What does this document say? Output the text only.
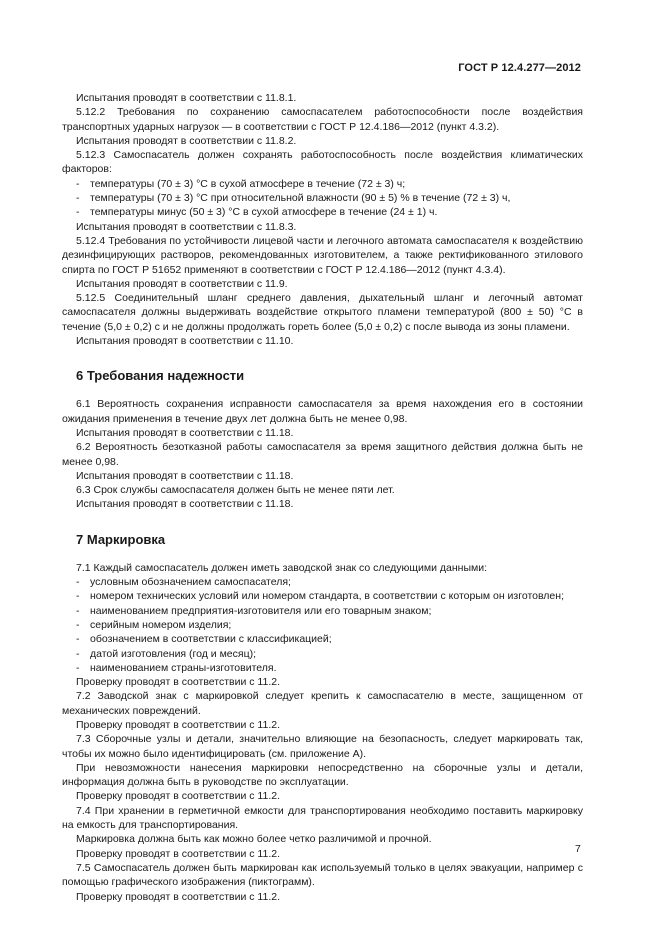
ГОСТ Р 12.4.277—2012

Испытания проводят в соответствии с 11.8.1.

5.12.2 Требования по сохранению самоспасателем работоспособности после воздействия транспортных ударных нагрузок — в соответствии с ГОСТ Р 12.4.186—2012 (пункт 4.3.2).

Испытания проводят в соответствии с 11.8.2.

5.12.3 Самоспасатель должен сохранять работоспособность после воздействия климатических факторов:

- температуры (70 ± 3) °С в сухой атмосфере в течение (72 ± 3) ч;

- температуры (70 ± 3) °С при относительной влажности (90 ± 5) % в течение (72 ± 3) ч,

- температуры минус (50 ± 3) °С в сухой атмосфере в течение (24 ± 1) ч.

Испытания проводят в соответствии с 11.8.3.

5.12.4 Требования по устойчивости лицевой части и легочного автомата самоспасателя к воздействию дезинфицирующих растворов, рекомендованных изготовителем, а также ректификованного этилового спирта по ГОСТ Р 51652 применяют в соответствии с ГОСТ Р 12.4.186—2012 (пункт 4.3.4).

Испытания проводят в соответствии с 11.9.

5.12.5 Соединительный шланг среднего давления, дыхательный шланг и легочный автомат самоспасателя должны выдерживать воздействие открытого пламени температурой (800 ± 50) °С в течение (5,0 ± 0,2) с и не должны продолжать гореть более (5,0 ± 0,2) с после вывода из зоны пламени.

Испытания проводят в соответствии с 11.10.

6 Требования надежности

6.1 Вероятность сохранения исправности самоспасателя за время нахождения его в состоянии ожидания применения в течение двух лет должна быть не менее 0,98.

Испытания проводят в соответствии с 11.18.

6.2 Вероятность безотказной работы самоспасателя за время защитного действия должна быть не менее 0,98.

Испытания проводят в соответствии с 11.18.

6.3 Срок службы самоспасателя должен быть не менее пяти лет.

Испытания проводят в соответствии с 11.18.

7 Маркировка

7.1 Каждый самоспасатель должен иметь заводской знак со следующими данными:

- условным обозначением самоспасателя;

- номером технических условий или номером стандарта, в соответствии с которым он изготовлен;

- наименованием предприятия-изготовителя или его товарным знаком;

- серийным номером изделия;

- обозначением в соответствии с классификацией;

- датой изготовления (год и месяц);

- наименованием страны-изготовителя.

Проверку проводят в соответствии с 11.2.

7.2 Заводской знак с маркировкой следует крепить к самоспасателю в месте, защищенном от механических повреждений.

Проверку проводят в соответствии с 11.2.

7.3 Сборочные узлы и детали, значительно влияющие на безопасность, следует маркировать так, чтобы их можно было идентифицировать (см. приложение А).

При невозможности нанесения маркировки непосредственно на сборочные узлы и детали, информация должна быть в руководстве по эксплуатации.

Проверку проводят в соответствии с 11.2.

7.4 При хранении в герметичной емкости для транспортирования необходимо поставить маркировку на емкость для транспортирования.

Маркировка должна быть как можно более четко различимой и прочной.

Проверку проводят в соответствии с 11.2.

7.5 Самоспасатель должен быть маркирован как используемый только в целях эвакуации, например с помощью графического изображения (пиктограмм).

Проверку проводят в соответствии с 11.2.

7
